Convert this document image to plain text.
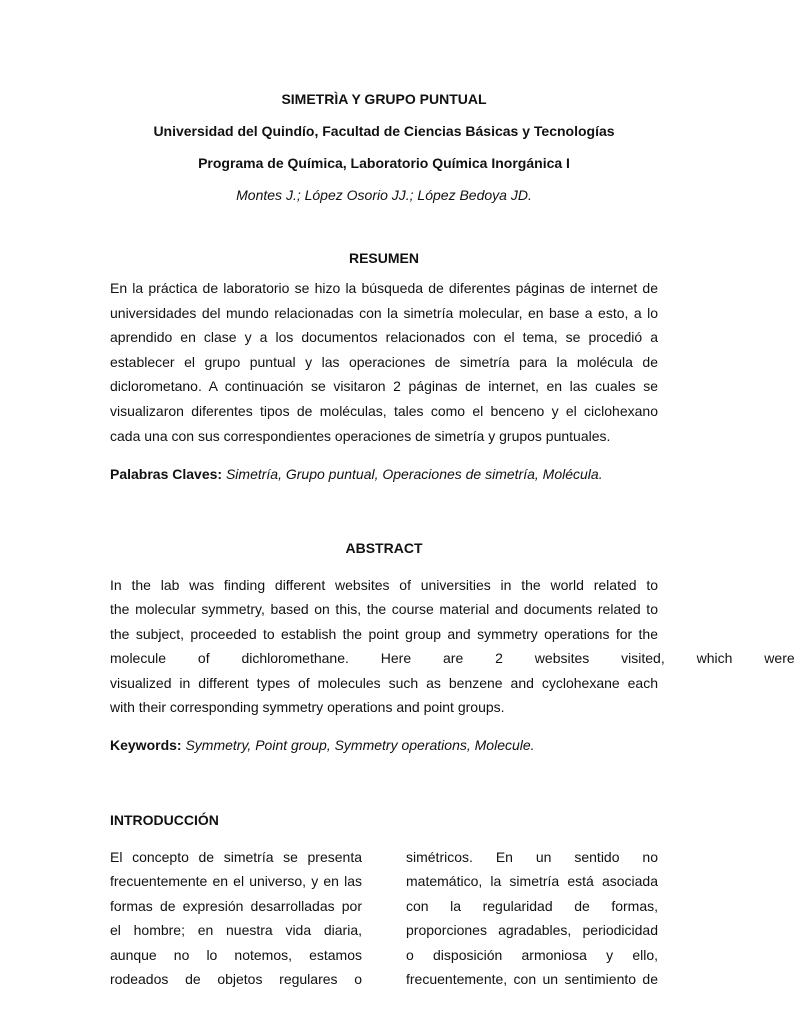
SIMETRÌA Y GRUPO PUNTUAL
Universidad del Quindío, Facultad de Ciencias Básicas y Tecnologías
Programa de Química, Laboratorio Química Inorgánica I
Montes J.; López Osorio JJ.; López Bedoya JD.
RESUMEN
En la práctica de laboratorio se hizo la búsqueda de diferentes páginas de internet de
universidades del mundo relacionadas con la simetría molecular, en base a esto, a lo
aprendido en clase y a los documentos relacionados con el tema, se procedió a
establecer el grupo puntual y las operaciones de simetría para la molécula de
diclorometano. A continuación se visitaron 2 páginas de internet, en las cuales se
visualizaron diferentes tipos de moléculas, tales como el benceno y el ciclohexano
cada una con sus correspondientes operaciones de simetría y grupos puntuales.
Palabras Claves: Simetría, Grupo puntual, Operaciones de simetría, Molécula.
ABSTRACT
In the lab was finding different websites of universities in the world related to
the molecular symmetry, based on this, the course material and documents related to
the subject, proceeded to establish the point group and symmetry operations for the
molecule of dichloromethane. Here are 2 websites visited, which were
visualized in different types of molecules such as benzene and cyclohexane each
with their corresponding symmetry operations and point groups.
Keywords: Symmetry, Point group, Symmetry operations, Molecule.
INTRODUCCIÓN
El concepto de simetría se presenta
frecuentemente en el universo, y en las
formas de expresión desarrolladas por
el hombre; en nuestra vida diaria,
aunque no lo notemos, estamos
rodeados de objetos regulares o
simétricos. En un sentido no
matemático, la simetría está asociada
con la regularidad de formas,
proporciones agradables, periodicidad
o disposición armoniosa y ello,
frecuentemente, con un sentimiento de
